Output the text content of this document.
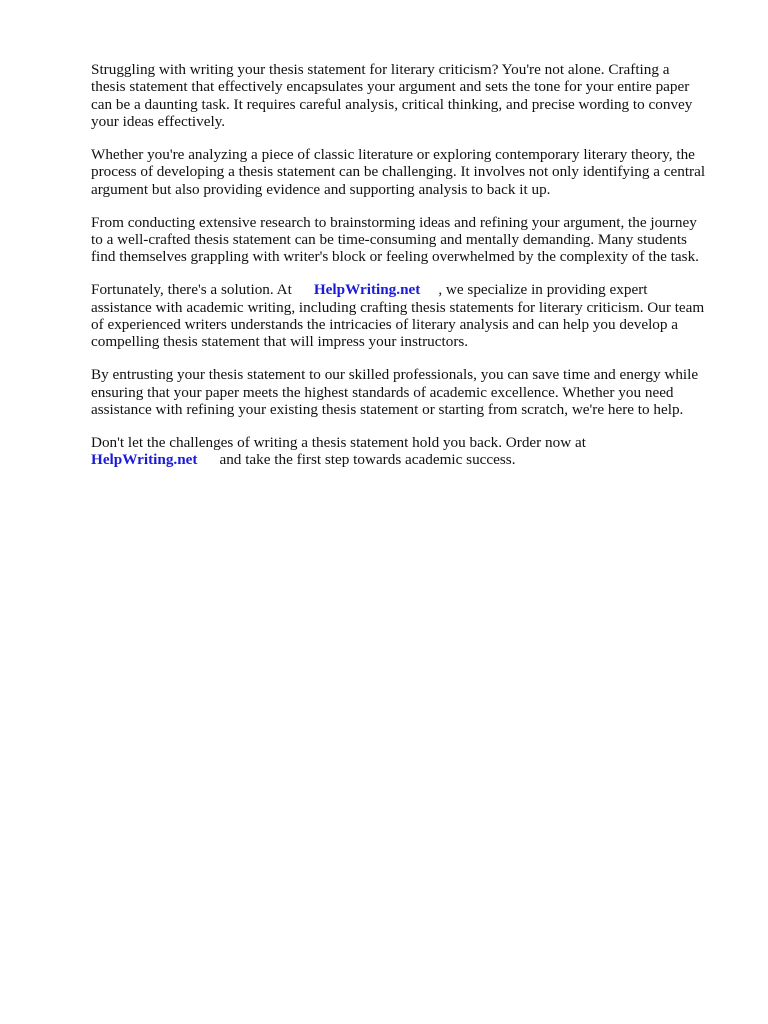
Struggling with writing your thesis statement for literary criticism? You're not alone. Crafting a
thesis statement that effectively encapsulates your argument and sets the tone for your entire paper
can be a daunting task. It requires careful analysis, critical thinking, and precise wording to convey
your ideas effectively.

Whether you're analyzing a piece of classic literature or exploring contemporary literary theory, the
process of developing a thesis statement can be challenging. It involves not only identifying a central
argument but also providing evidence and supporting analysis to back it up.

From conducting extensive research to brainstorming ideas and refining your argument, the journey
to a well-crafted thesis statement can be time-consuming and mentally demanding. Many students
find themselves grappling with writer's block or feeling overwhelmed by the complexity of the task.

Fortunately, there's a solution. At HelpWriting.net , we specialize in providing expert
assistance with academic writing, including crafting thesis statements for literary criticism. Our team
of experienced writers understands the intricacies of literary analysis and can help you develop a
compelling thesis statement that will impress your instructors.

By entrusting your thesis statement to our skilled professionals, you can save time and energy while
ensuring that your paper meets the highest standards of academic excellence. Whether you need
assistance with refining your existing thesis statement or starting from scratch, we're here to help.

Don't let the challenges of writing a thesis statement hold you back. Order now at
HelpWriting.net and take the first step towards academic success.
